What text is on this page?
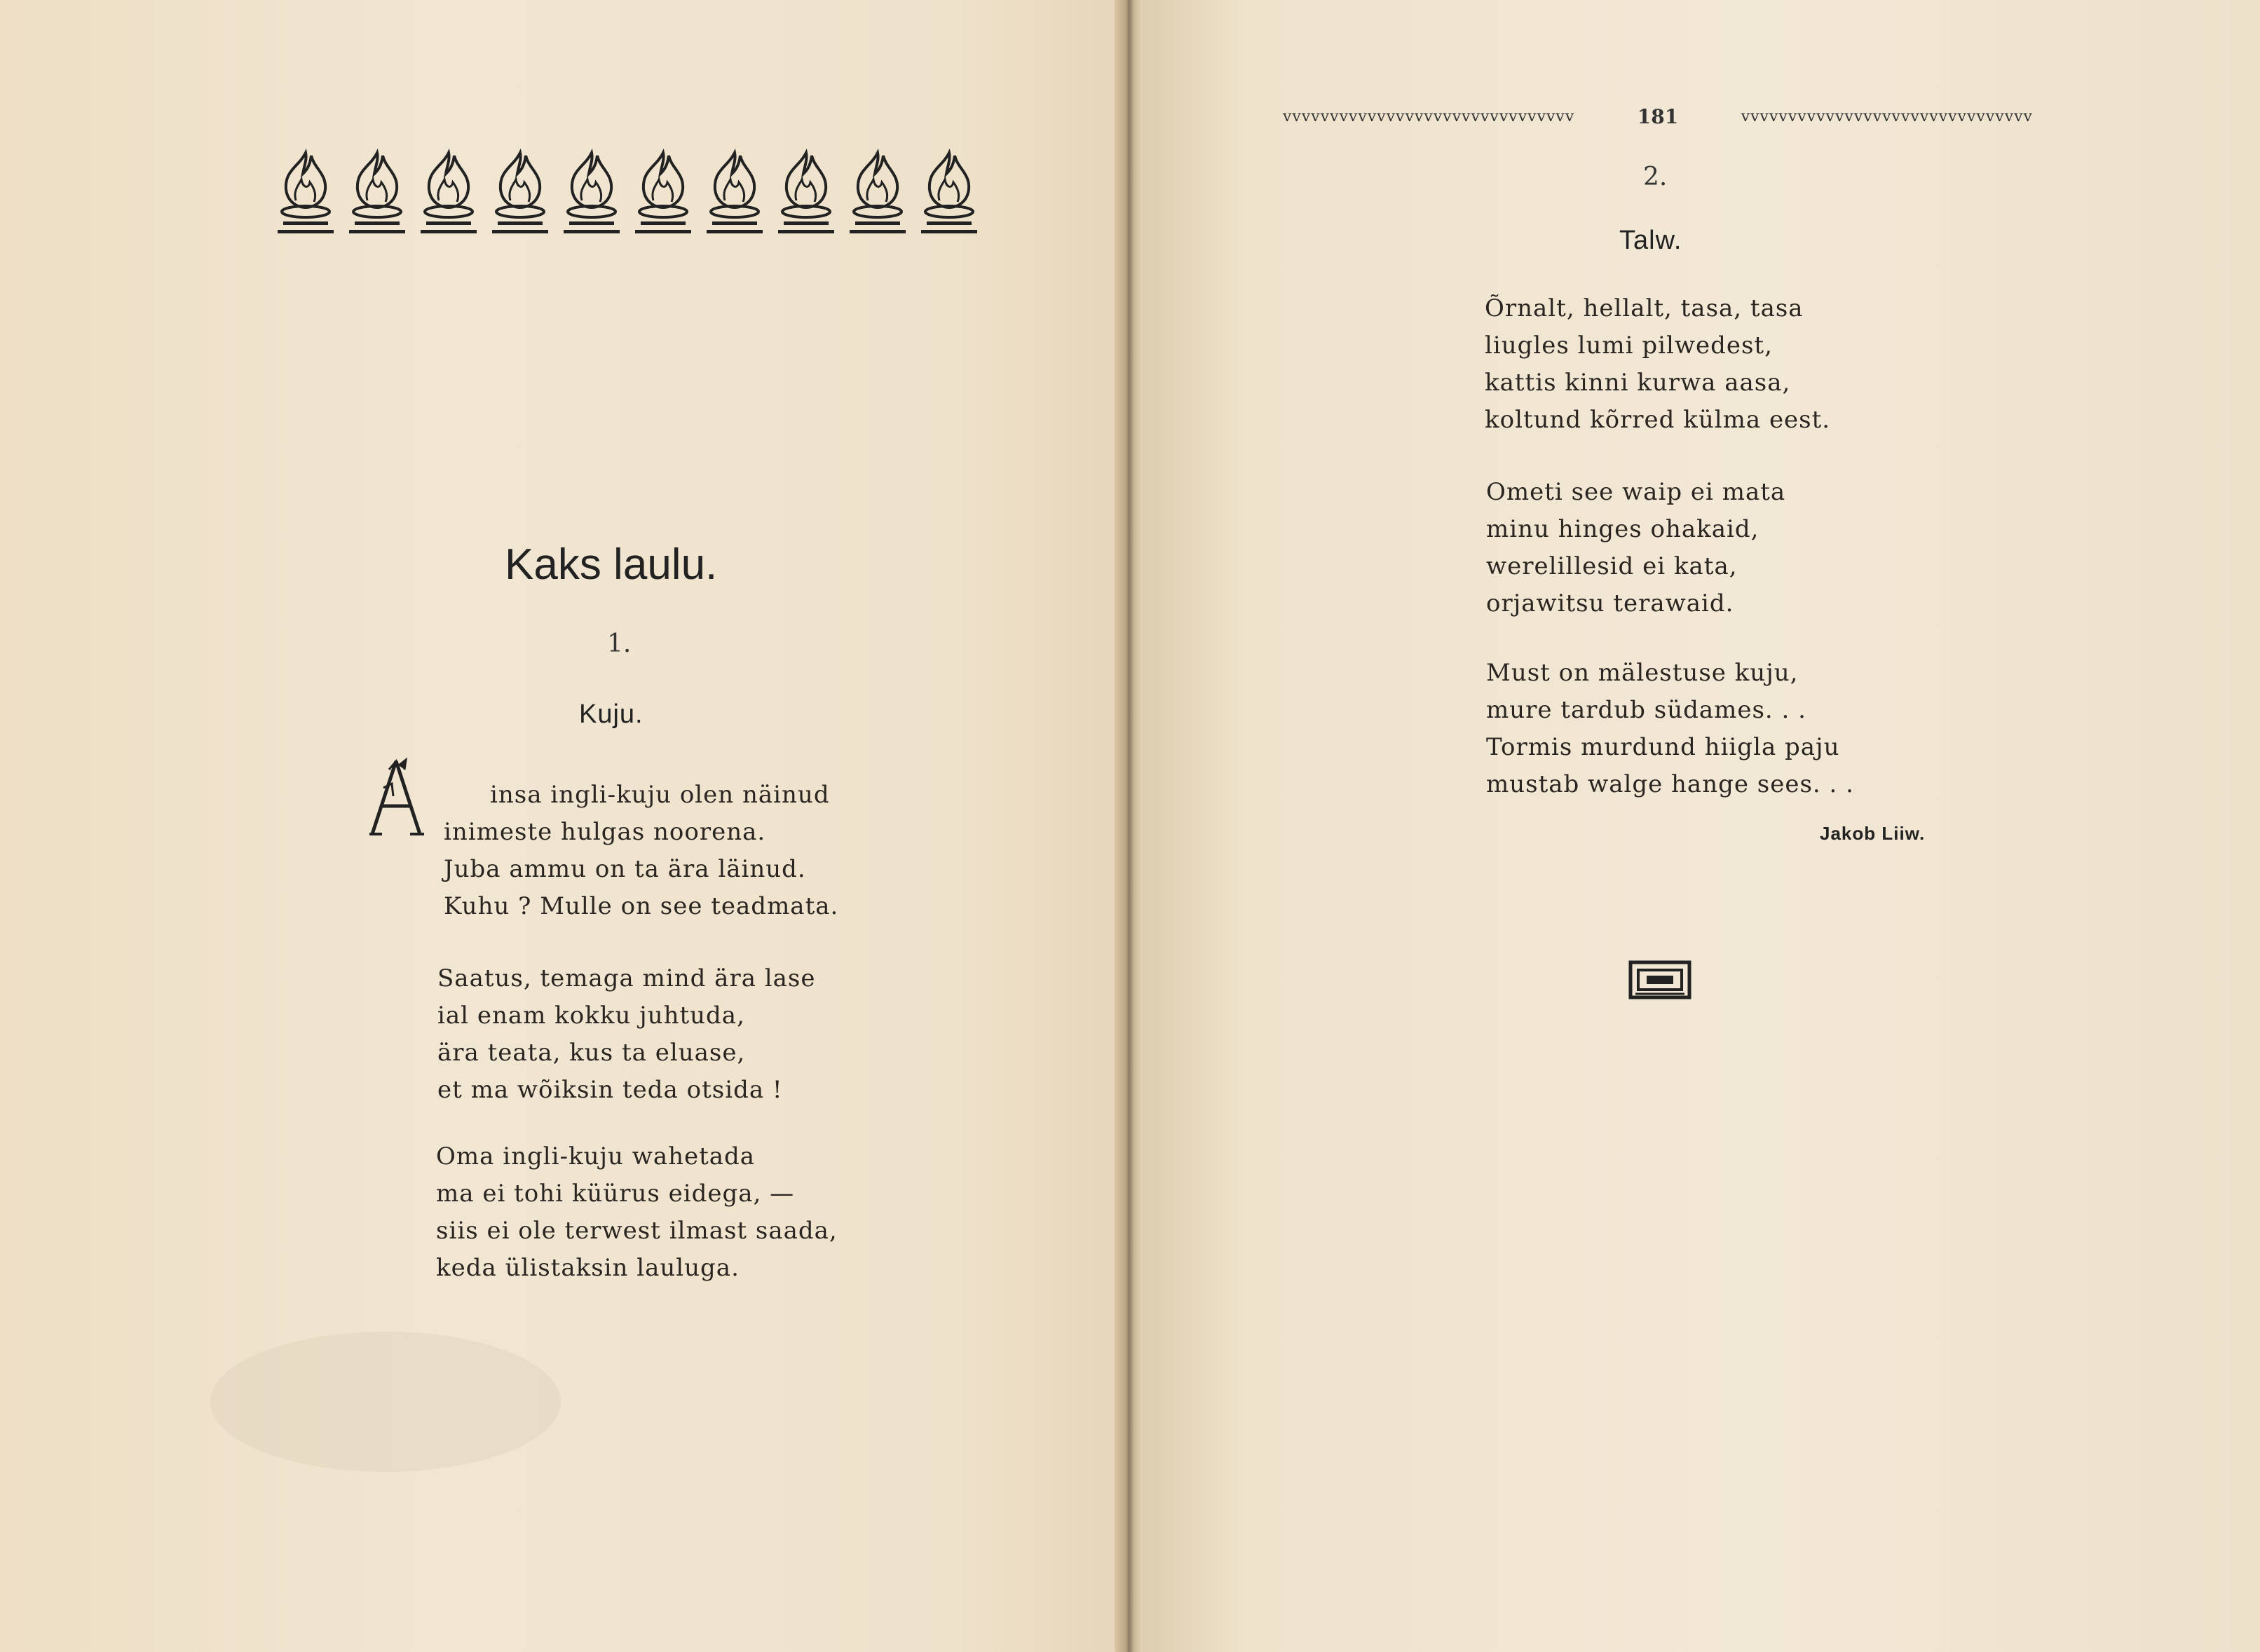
Kaks laulu.
1.
Kuju.
insa ingli-kuju olen näinud
inimeste hulgas noorena.
Juba ammu on ta ära läinud.
Kuhu ? Mulle on see teadmata.
Saatus, temaga mind ära lase
ial enam kokku juhtuda,
ära teata, kus ta eluase,
et ma wõiksin teda otsida !
Oma ingli-kuju wahetada
ma ei tohi küürus eidega, —
siis ei ole terwest ilmast saada,
keda ülistaksin lauluga.
vvvvvvvvvvvvvvvvvvvvvvvvvvvvvvv	181	vvvvvvvvvvvvvvvvvvvvvvvvvvvvvvv
2.
Talw.
Õrnalt, hellalt, tasa, tasa
liugles lumi pilwedest,
kattis kinni kurwa aasa,
koltund kõrred külma eest.
Ometi see waip ei mata
minu hinges ohakaid,
werelillesid ei kata,
orjawitsu terawaid.
Must on mälestuse kuju,
mure tardub südames. . .
Tormis murdund hiigla paju
mustab walge hange sees. . .
Jakob Liiw.
